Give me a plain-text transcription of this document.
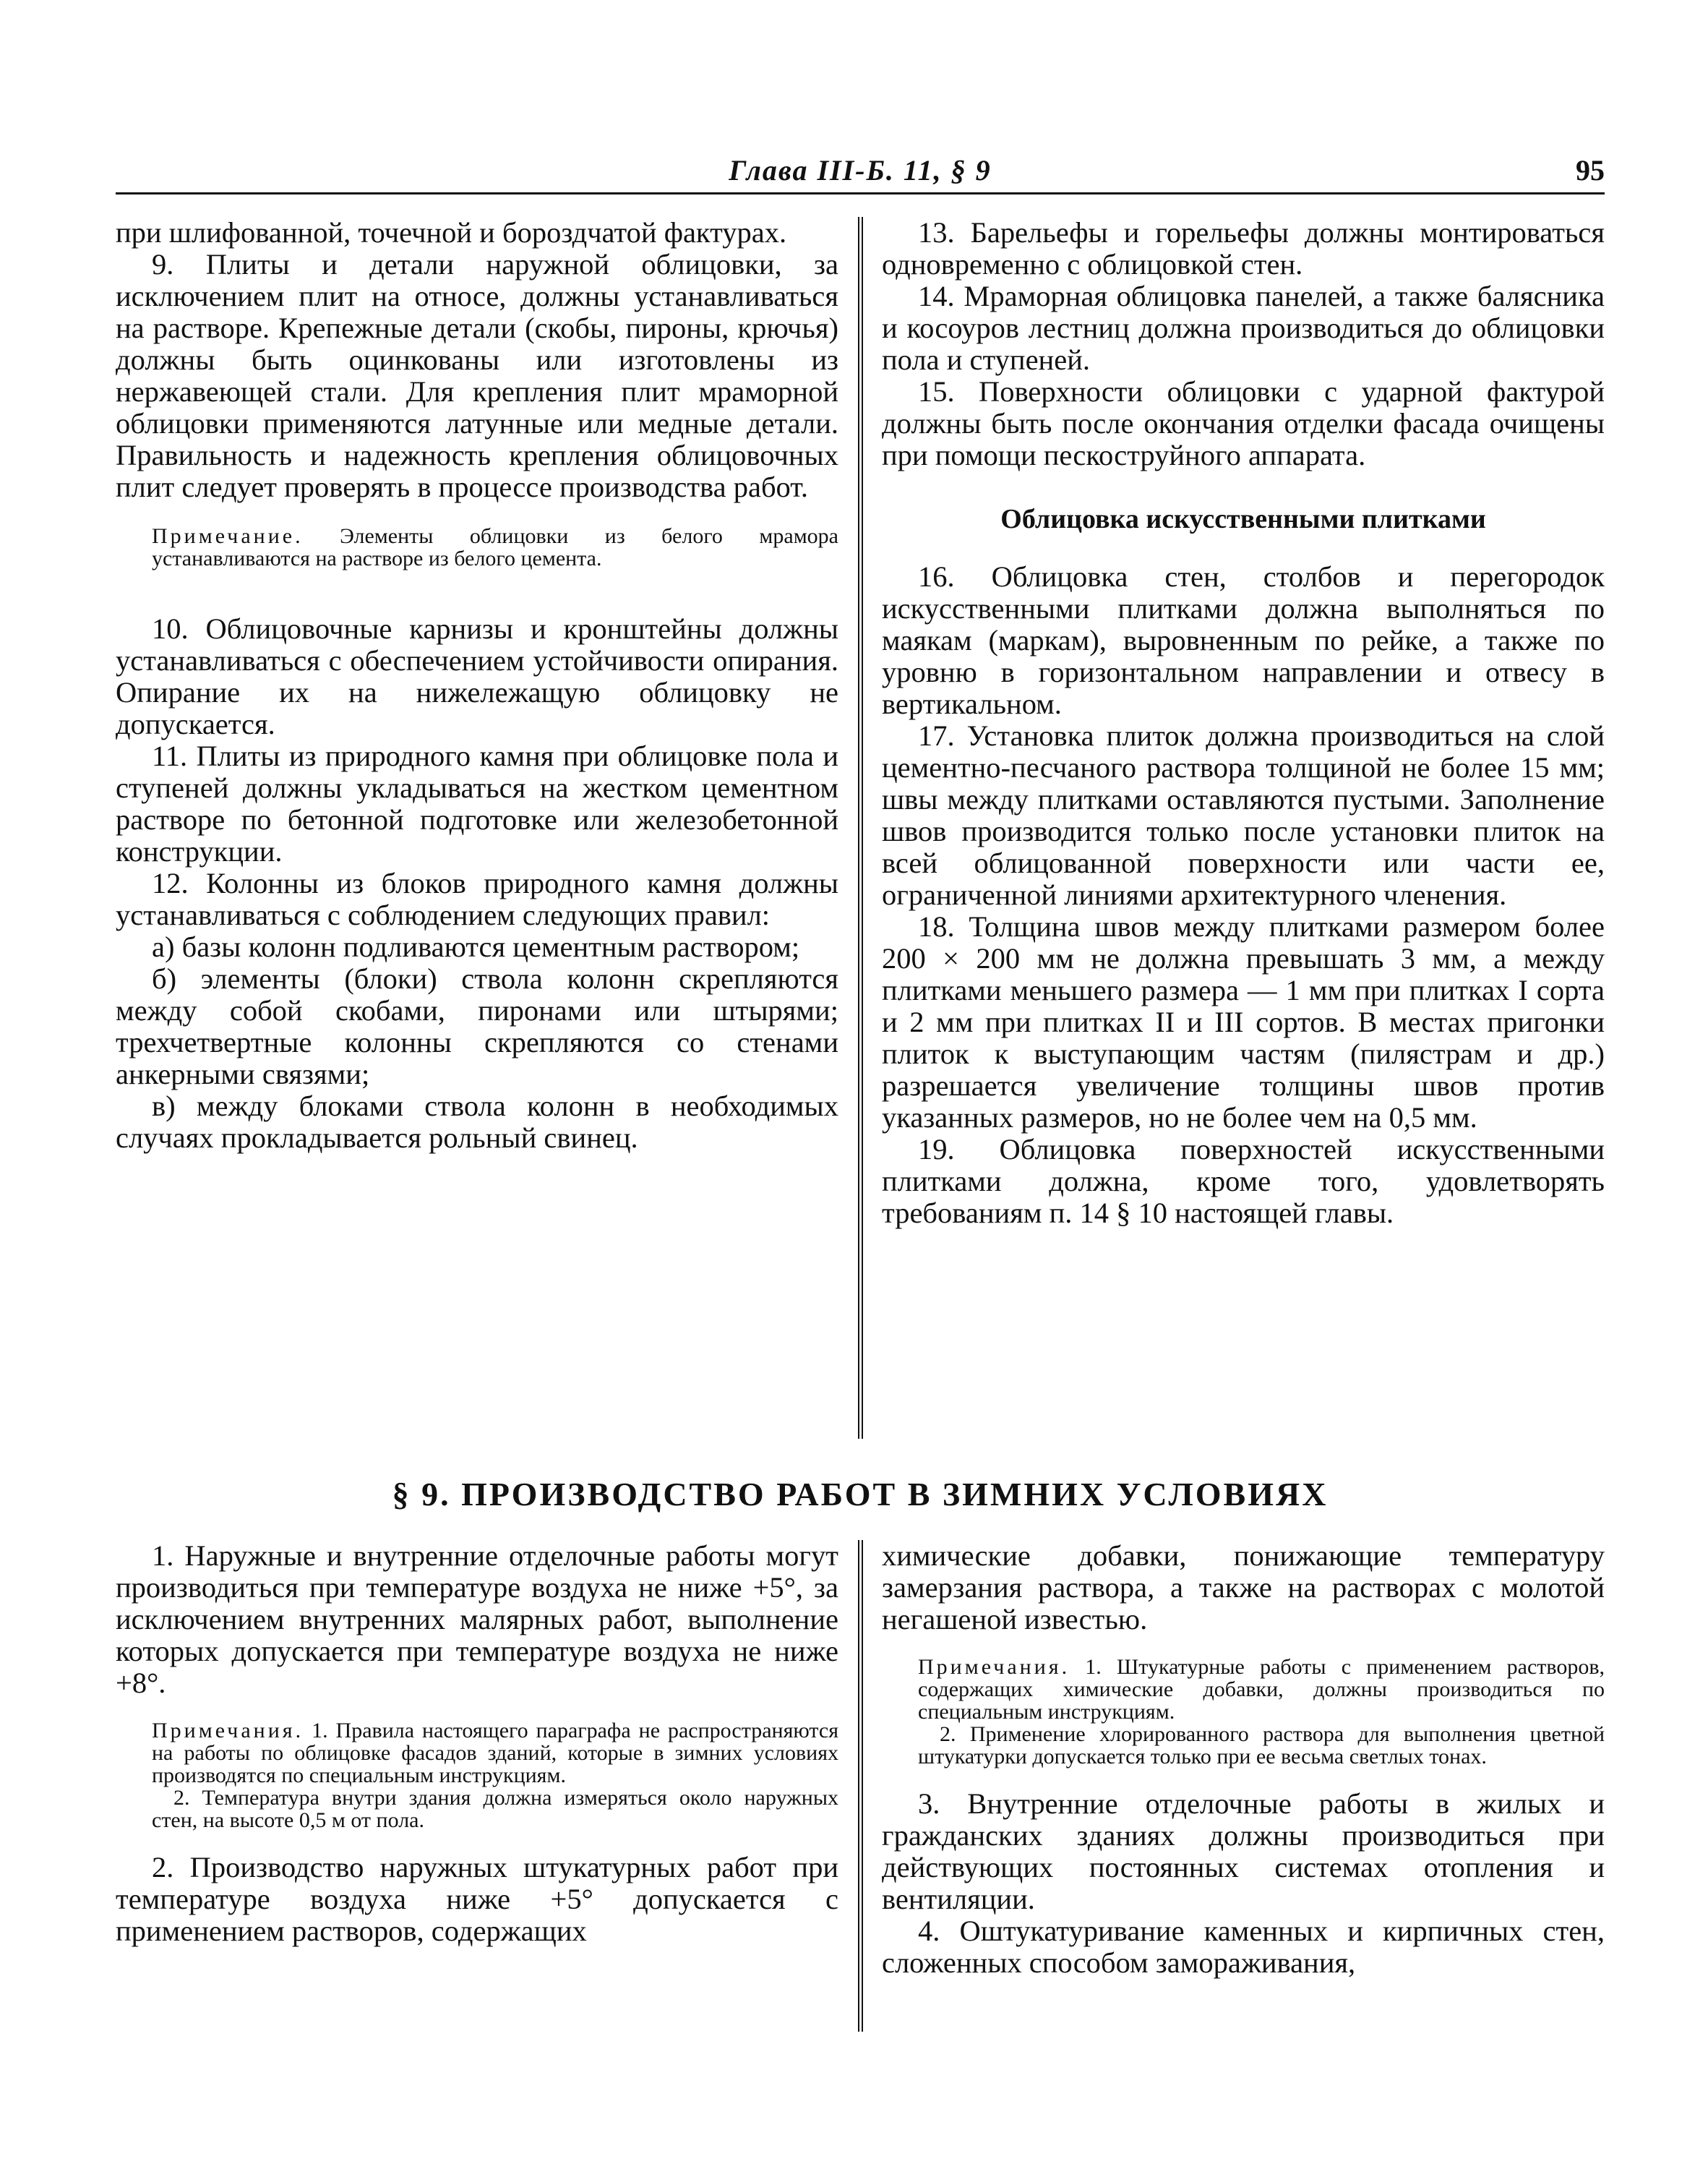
Глава III-Б. 11, § 9	95

при шлифованной, точечной и бороздчатой фактурах.

9. Плиты и детали наружной облицовки, за исключением плит на относе, должны устанавливаться на растворе. Крепежные детали (скобы, пироны, крючья) должны быть оцинкованы или изготовлены из нержавеющей стали. Для крепления плит мраморной облицовки применяются латунные или медные детали. Правильность и надежность крепления облицовочных плит следует проверять в процессе производства работ.

Примечание. Элементы облицовки из белого мрамора устанавливаются на растворе из белого цемента.

10. Облицовочные карнизы и кронштейны должны устанавливаться с обеспечением устойчивости опирания. Опирание их на нижележащую облицовку не допускается.

11. Плиты из природного камня при облицовке пола и ступеней должны укладываться на жестком цементном растворе по бетонной подготовке или железобетонной конструкции.

12. Колонны из блоков природного камня должны устанавливаться с соблюдением следующих правил:

а) базы колонн подливаются цементным раствором;

б) элементы (блоки) ствола колонн скрепляются между собой скобами, пиронами или штырями; трехчетвертные колонны скрепляются со стенами анкерными связями;

в) между блоками ствола колонн в необходимых случаях прокладывается рольный свинец.

13. Барельефы и горельефы должны монтироваться одновременно с облицовкой стен.

14. Мраморная облицовка панелей, а также балясника и косоуров лестниц должна производиться до облицовки пола и ступеней.

15. Поверхности облицовки с ударной фактурой должны быть после окончания отделки фасада очищены при помощи пескоструйного аппарата.

Облицовка искусственными плитками

16. Облицовка стен, столбов и перегородок искусственными плитками должна выполняться по маякам (маркам), выровненным по рейке, а также по уровню в горизонтальном направлении и отвесу в вертикальном.

17. Установка плиток должна производиться на слой цементно-песчаного раствора толщиной не более 15 мм; швы между плитками оставляются пустыми. Заполнение швов производится только после установки плиток на всей облицованной поверхности или части ее, ограниченной линиями архитектурного членения.

18. Толщина швов между плитками размером более 200 × 200 мм не должна превышать 3 мм, а между плитками меньшего размера — 1 мм при плитках I сорта и 2 мм при плитках II и III сортов. В местах пригонки плиток к выступающим частям (пилястрам и др.) разрешается увеличение толщины швов против указанных размеров, но не более чем на 0,5 мм.

19. Облицовка поверхностей искусственными плитками должна, кроме того, удовлетворять требованиям п. 14 § 10 настоящей главы.

§ 9. ПРОИЗВОДСТВО РАБОТ В ЗИМНИХ УСЛОВИЯХ

1. Наружные и внутренние отделочные работы могут производиться при температуре воздуха не ниже +5°, за исключением внутренних малярных работ, выполнение которых допускается при температуре воздуха не ниже +8°.

Примечания. 1. Правила настоящего параграфа не распространяются на работы по облицовке фасадов зданий, которые в зимних условиях производятся по специальным инструкциям.

2. Температура внутри здания должна измеряться около наружных стен, на высоте 0,5 м от пола.

2. Производство наружных штукатурных работ при температуре воздуха ниже +5° допускается с применением растворов, содержащих

химические добавки, понижающие температуру замерзания раствора, а также на растворах с молотой негашеной известью.

Примечания. 1. Штукатурные работы с применением растворов, содержащих химические добавки, должны производиться по специальным инструкциям.

2. Применение хлорированного раствора для выполнения цветной штукатурки допускается только при ее весьма светлых тонах.

3. Внутренние отделочные работы в жилых и гражданских зданиях должны производиться при действующих постоянных системах отопления и вентиляции.

4. Оштукатуривание каменных и кирпичных стен, сложенных способом замораживания,
